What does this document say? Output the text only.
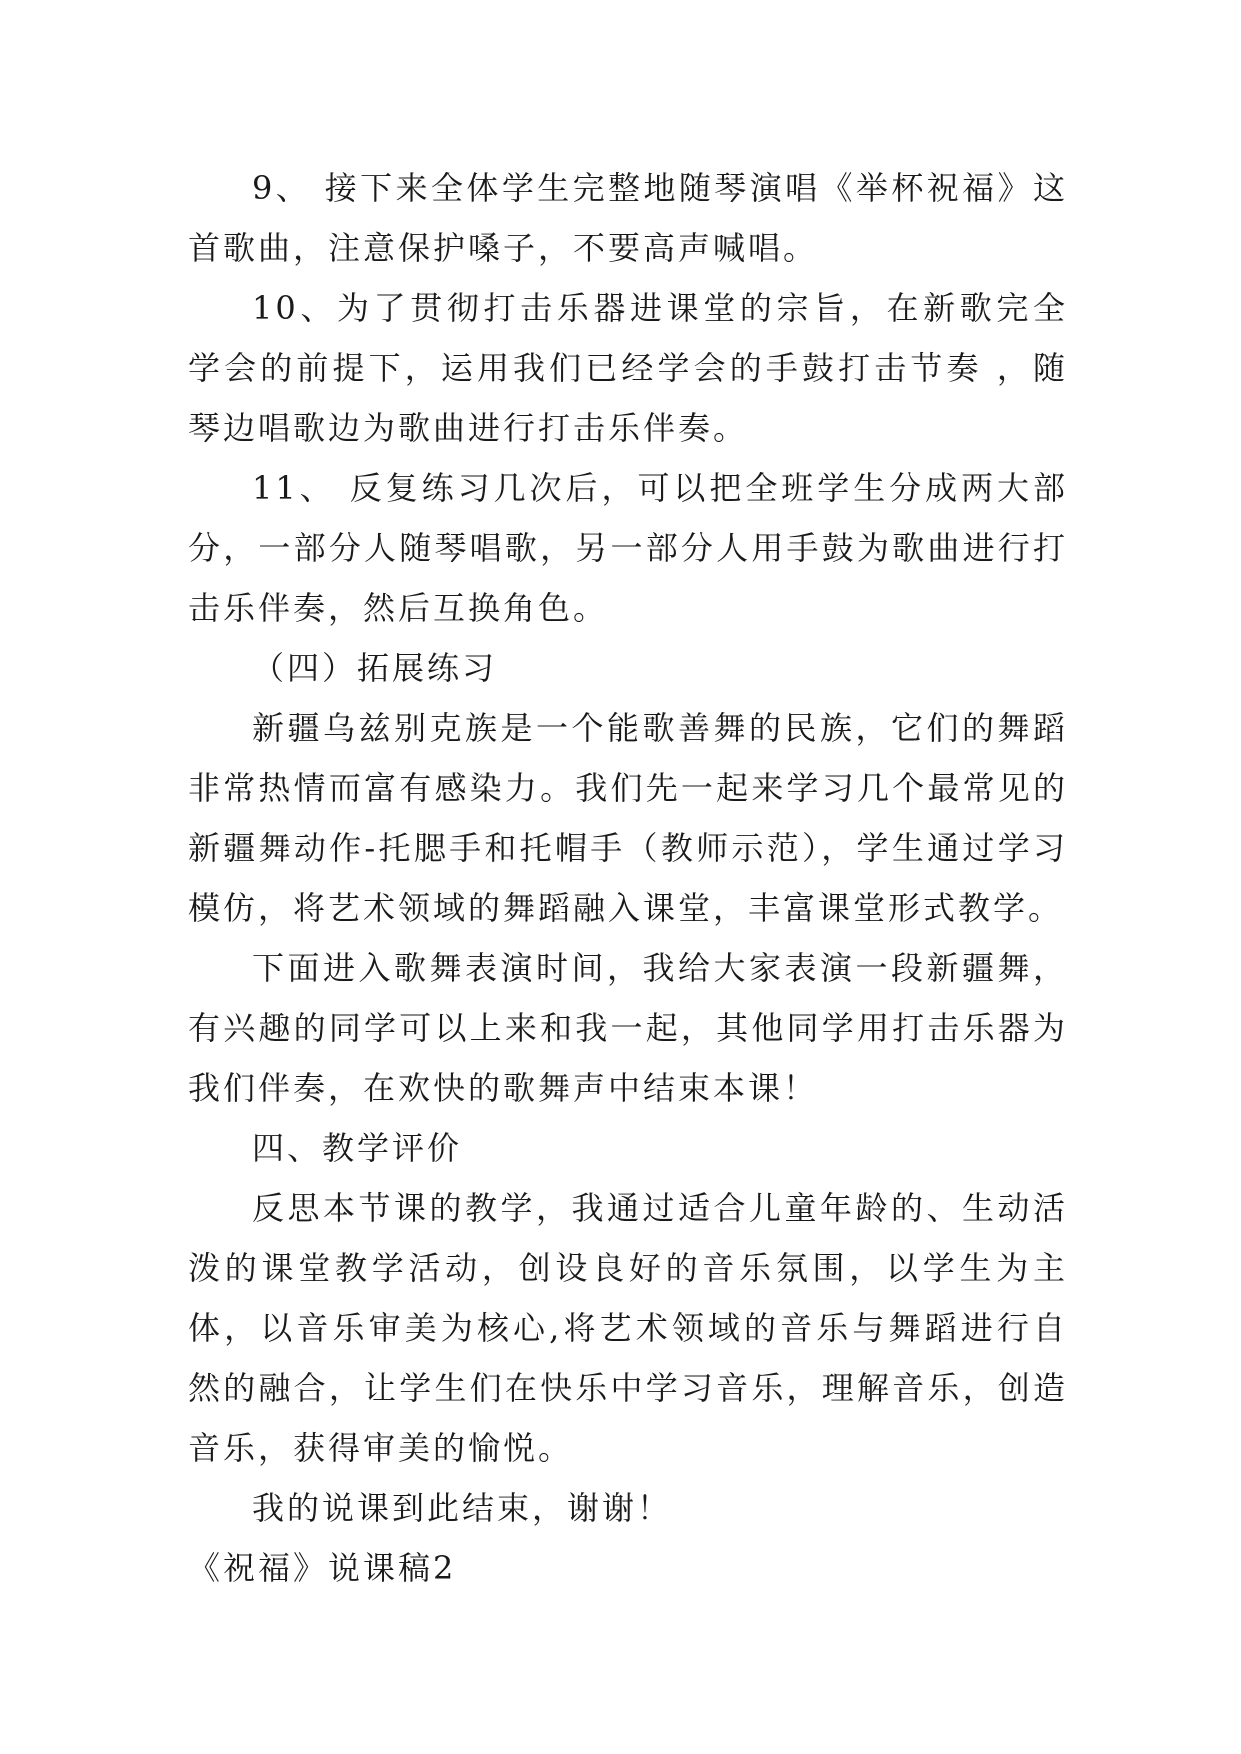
9、 接下来全体学生完整地随琴演唱《举杯祝福》这首歌曲，注意保护嗓子，不要高声喊唱。

10、为了贯彻打击乐器进课堂的宗旨，在新歌完全学会的前提下，运用我们已经学会的手鼓打击节奏 ，随琴边唱歌边为歌曲进行打击乐伴奏。

11、 反复练习几次后，可以把全班学生分成两大部分，一部分人随琴唱歌，另一部分人用手鼓为歌曲进行打击乐伴奏，然后互换角色。

（四）拓展练习

新疆乌兹别克族是一个能歌善舞的民族，它们的舞蹈非常热情而富有感染力。我们先一起来学习几个最常见的新疆舞动作-托腮手和托帽手（教师示范），学生通过学习模仿，将艺术领域的舞蹈融入课堂，丰富课堂形式教学。

下面进入歌舞表演时间，我给大家表演一段新疆舞，有兴趣的同学可以上来和我一起，其他同学用打击乐器为我们伴奏，在欢快的歌舞声中结束本课！

四、教学评价

反思本节课的教学，我通过适合儿童年龄的、生动活泼的课堂教学活动，创设良好的音乐氛围，以学生为主体，以音乐审美为核心,将艺术领域的音乐与舞蹈进行自然的融合，让学生们在快乐中学习音乐，理解音乐，创造音乐，获得审美的愉悦。

我的说课到此结束，谢谢！

《祝福》说课稿2
